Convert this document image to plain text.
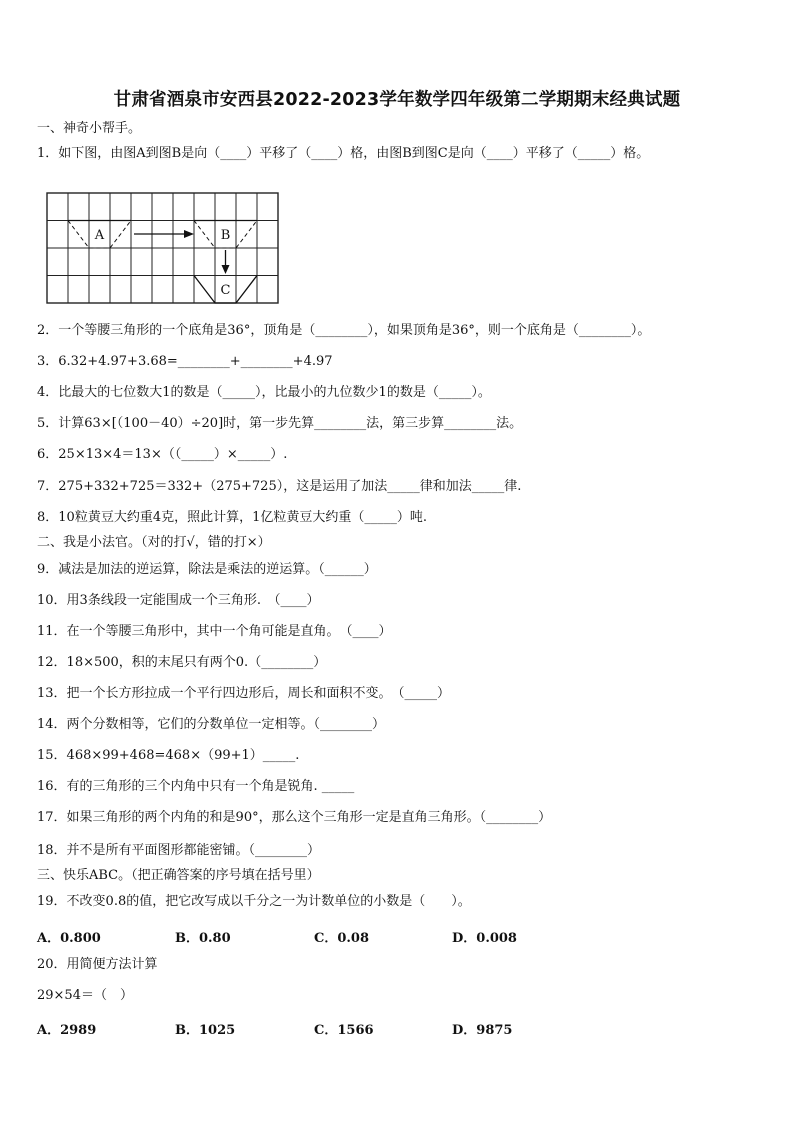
甘肃省酒泉市安西县2022-2023学年数学四年级第二学期期末经典试题
一、神奇小帮手。
1．如下图，由图A到图B是向（____）平移了（____）格，由图B到图C是向（____）平移了（_____）格。
A	B
C
2．一个等腰三角形的一个底角是36°，顶角是（________），如果顶角是36°，则一个底角是（________）。
3．6.32+4.97+3.68=________+________+4.97
4．比最大的七位数大1的数是（_____），比最小的九位数少1的数是（_____）。
5．计算63×[（100－40）÷20]时，第一步先算________法，第三步算________法。
6．25×13×4＝13×（（_____）×_____）.
7．275+332+725＝332+（275+725），这是运用了加法_____律和加法_____律.
8．10粒黄豆大约重4克，照此计算，1亿粒黄豆大约重（_____）吨.
二、我是小法官。（对的打√，错的打×）
9．减法是加法的逆运算，除法是乘法的逆运算。（______）
10．用3条线段一定能围成一个三角形.　（____）
11．在一个等腰三角形中，其中一个角可能是直角。　（____）
12．18×500，积的末尾只有两个0.（________）
13．把一个长方形拉成一个平行四边形后，周长和面积不变。　（_____）
14．两个分数相等，它们的分数单位一定相等。（________）
15．468×99+468=468×（99+1）_____.
16．有的三角形的三个内角中只有一个角是锐角. _____
17．如果三角形的两个内角的和是90°，那么这个三角形一定是直角三角形。（________）
18．并不是所有平面图形都能密铺。（________）
三、快乐ABC。（把正确答案的序号填在括号里）
19．不改变0.8的值，把它改写成以千分之一为计数单位的小数是（　　）。
A．0.800	B．0.80	C．0.08	D．0.008
20．用简便方法计算
29×54＝（　）
A．2989	B．1025	C．1566	D．9875
